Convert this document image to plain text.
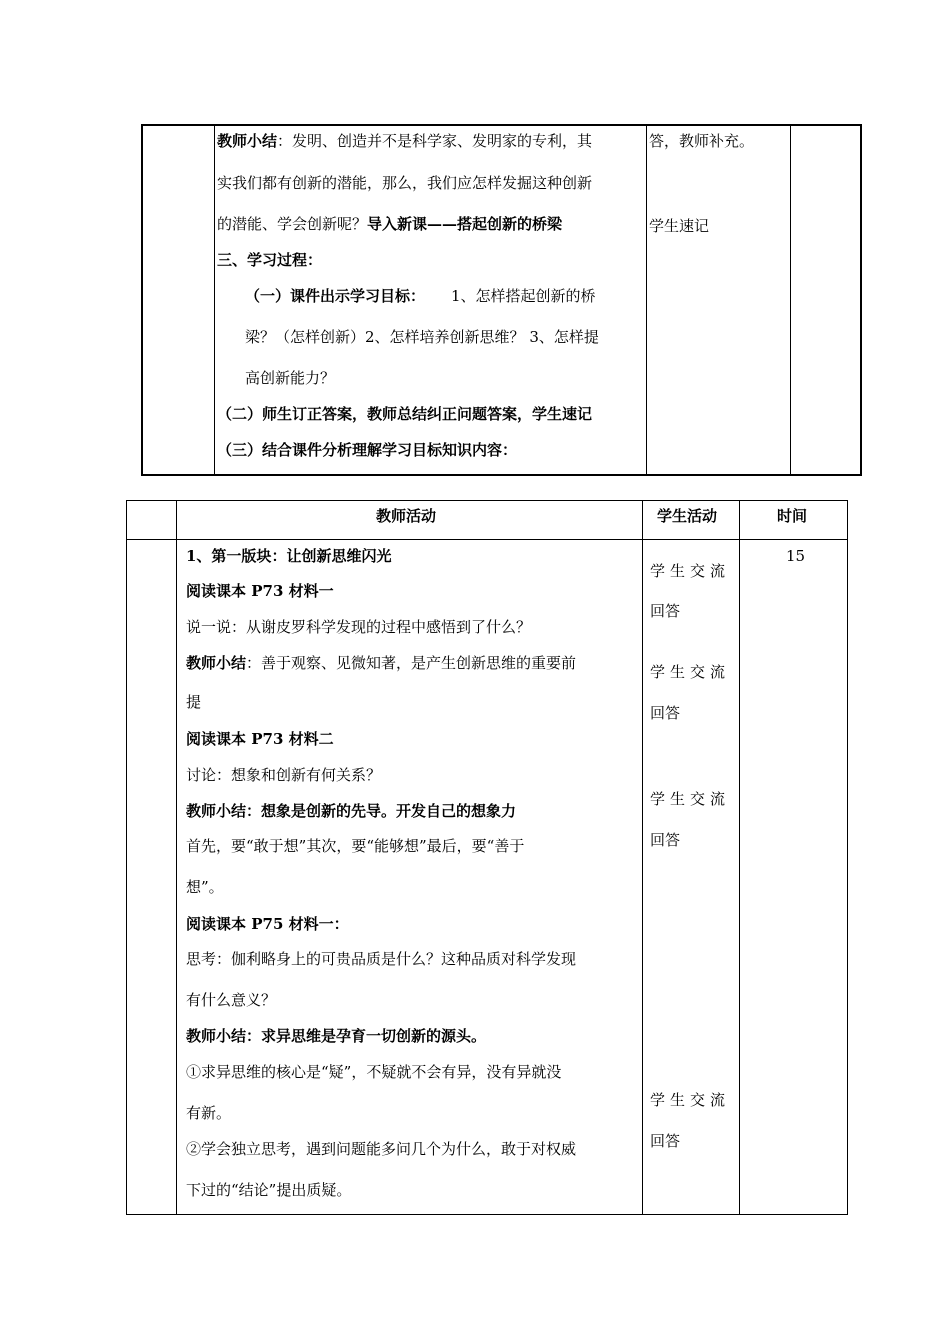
教师小结：发明、创造并不是科学家、发明家的专利，其
实我们都有创新的潜能，那么，我们应怎样发掘这种创新
的潜能、学会创新呢？导入新课——搭起创新的桥梁
三、学习过程：
（一）课件出示学习目标： 1、怎样搭起创新的桥
梁？（怎样创新）2、怎样培养创新思维？ 3、怎样提
高创新能力？
（二）师生订正答案，教师总结纠正问题答案，学生速记
（三）结合课件分析理解学习目标知识内容：
答，教师补充。
学生速记
教师活动	学生活动	时间
15
1、第一版块：让创新思维闪光
阅读课本 P73 材料一
说一说：从谢皮罗科学发现的过程中感悟到了什么？
教师小结：善于观察、见微知著，是产生创新思维的重要前
提
阅读课本 P73 材料二
讨论：想象和创新有何关系？
教师小结：想象是创新的先导。开发自己的想象力
首先，要“敢于想”其次，要“能够想”最后，要“善于
想”。
阅读课本 P75 材料一：
思考：伽利略身上的可贵品质是什么？这种品质对科学发现
有什么意义？
教师小结：求异思维是孕育一切创新的源头。
①求异思维的核心是“疑”，不疑就不会有异，没有异就没
有新。
②学会独立思考，遇到问题能多问几个为什么，敢于对权威
下过的“结论”提出质疑。
学生交流
回答
学生交流
回答
学生交流
回答
学生交流
回答
